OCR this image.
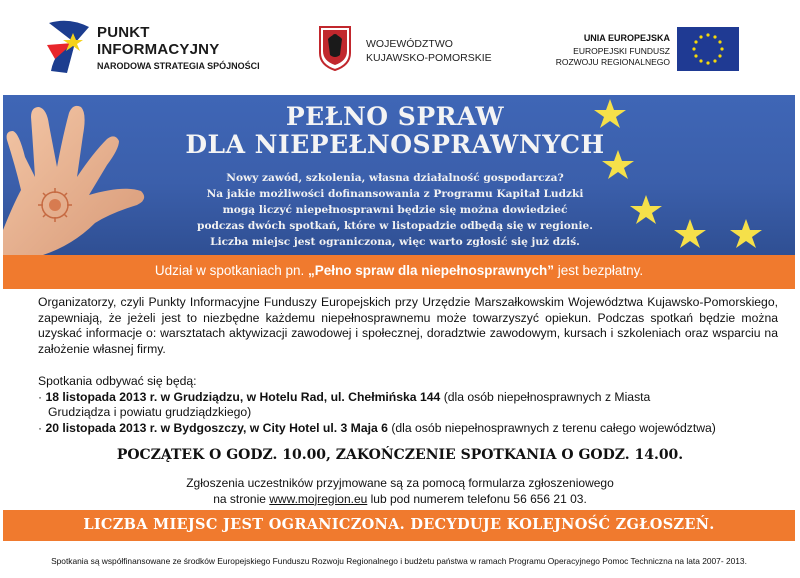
PUNKT
INFORMACYJNY
NARODOWA STRATEGIA SPÓJNOŚCI
WOJEWÓDZTWO
KUJAWSKO-POMORSKIE
UNIA EUROPEJSKA
EUROPEJSKI FUNDUSZ
ROZWOJU REGIONALNEGO
PEŁNO SPRAW
DLA NIEPEŁNOSPRAWNYCH
Nowy zawód, szkolenia, własna działalność gospodarcza?
Na jakie możliwości dofinansowania z Programu Kapitał Ludzki
mogą liczyć niepełnosprawni będzie się można dowiedzieć
podczas dwóch spotkań, które w listopadzie odbędą się w regionie.
Liczba miejsc jest ograniczona, więc warto zgłosić się już dziś.
Udział w spotkaniach pn. „Pełno spraw dla niepełnosprawnych” jest bezpłatny.
Organizatorzy, czyli Punkty Informacyjne Funduszy Europejskich przy Urzędzie Marszałkowskim Województwa Kujawsko-Pomorskiego, zapewniają, że jeżeli jest to niezbędne każdemu niepełnosprawnemu może towarzyszyć opiekun. Podczas spotkań będzie można uzyskać informacje o: warsztatach aktywizacji zawodowej i społecznej, doradztwie zawodowym, kursach i szkoleniach oraz wsparciu na założenie własnej firmy.
Spotkania odbywać się będą:
· 18 listopada 2013 r. w Grudziądzu, w Hotelu Rad, ul. Chełmińska 144 (dla osób niepełnosprawnych z Miasta
Grudziądza i powiatu grudziądzkiego)
· 20 listopada 2013 r. w Bydgoszczy, w City Hotel ul. 3 Maja 6 (dla osób niepełnosprawnych z terenu całego województwa)
POCZĄTEK O GODZ. 10.00, ZAKOŃCZENIE SPOTKANIA O GODZ. 14.00.
Zgłoszenia uczestników przyjmowane są za pomocą formularza zgłoszeniowego
na stronie www.mojregion.eu lub pod numerem telefonu 56 656 21 03.
LICZBA MIEJSC JEST OGRANICZONA. DECYDUJE KOLEJNOŚĆ ZGŁOSZEŃ.
Spotkania są współfinansowane ze środków Europejskiego Funduszu Rozwoju Regionalnego i budżetu państwa w ramach Programu Operacyjnego Pomoc Techniczna na lata 2007- 2013.
